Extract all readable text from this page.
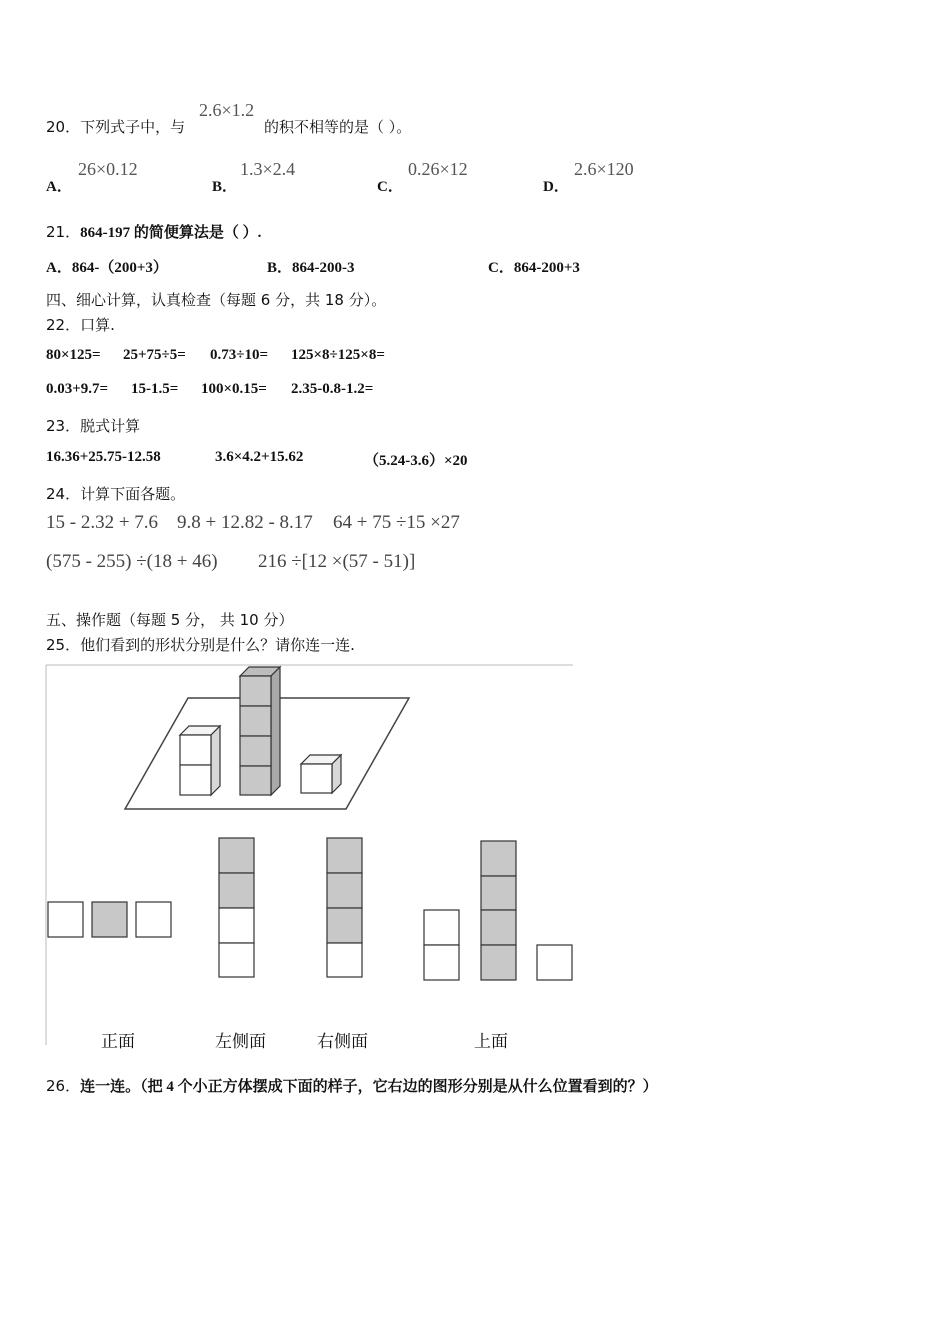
20．下列式子中，与
2.6×1.2
的积不相等的是（ ）。
A．
26×0.12
B．
1.3×2.4
C．
0.26×12
D．
2.6×120
21．864-197 的简便算法是（ ）.
A．864-（200+3）	B．864-200-3	C．864-200+3
四、细心计算，认真检查（每题 6 分，共 18 分）。
22．口算.
80×125= 25+75÷5= 0.73÷10= 125×8÷125×8=
0.03+9.7= 15-1.5= 100×0.15= 2.35-0.8-1.2=
23．脱式计算
16.36+25.75-12.58	3.6×4.2+15.62	（5.24-3.6）×20
24．计算下面各题。
15 - 2.32 + 7.6 9.8 + 12.82 - 8.17 64 + 75 ÷15 ×27
(575 - 255) ÷(18 + 46) 216 ÷[12 ×(57 - 51)]
五、操作题（每题 5 分， 共 10 分）
25．他们看到的形状分别是什么？请你连一连.
正面	左侧面	右侧面	上面
26．连一连。（把 4 个小正方体摆成下面的样子，它右边的图形分别是从什么位置看到的？）
